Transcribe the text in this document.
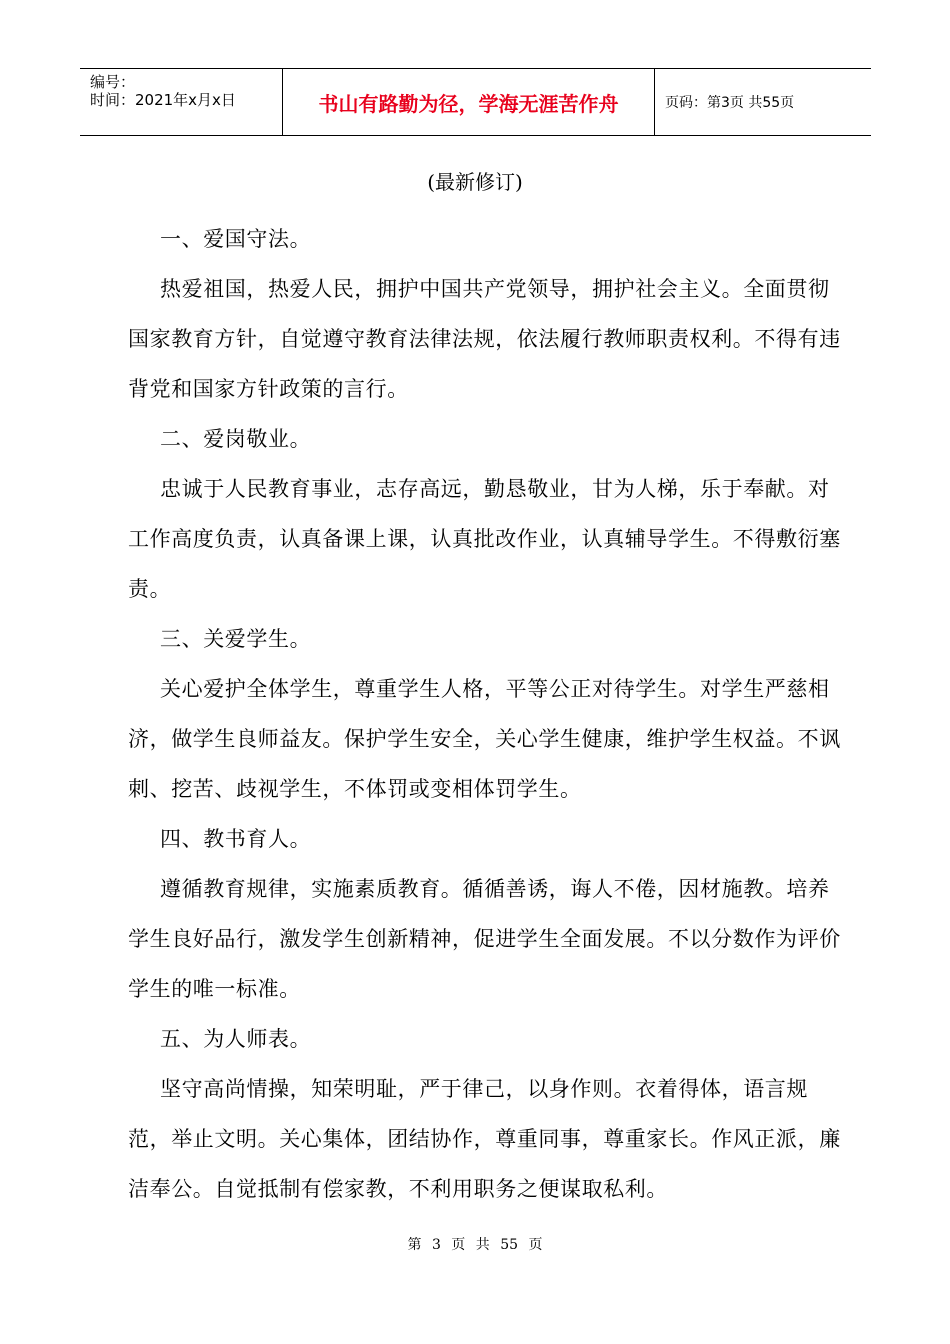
编号：
时间：2021年x月x日	书山有路勤为径，学海无涯苦作舟	页码：第3页 共55页
(最新修订)

一、爱国守法。

热爱祖国，热爱人民，拥护中国共产党领导，拥护社会主义。全面贯彻国家教育方针，自觉遵守教育法律法规，依法履行教师职责权利。不得有违背党和国家方针政策的言行。

二、爱岗敬业。

忠诚于人民教育事业，志存高远，勤恳敬业，甘为人梯，乐于奉献。对工作高度负责，认真备课上课，认真批改作业，认真辅导学生。不得敷衍塞责。

三、关爱学生。

关心爱护全体学生，尊重学生人格，平等公正对待学生。对学生严慈相济，做学生良师益友。保护学生安全，关心学生健康，维护学生权益。不讽刺、挖苦、歧视学生，不体罚或变相体罚学生。

四、教书育人。

遵循教育规律，实施素质教育。循循善诱，诲人不倦，因材施教。培养学生良好品行，激发学生创新精神，促进学生全面发展。不以分数作为评价学生的唯一标准。

五、为人师表。

坚守高尚情操，知荣明耻，严于律己，以身作则。衣着得体，语言规范，举止文明。关心集体，团结协作，尊重同事，尊重家长。作风正派，廉洁奉公。自觉抵制有偿家教，不利用职务之便谋取私利。

第 3 页 共 55 页
